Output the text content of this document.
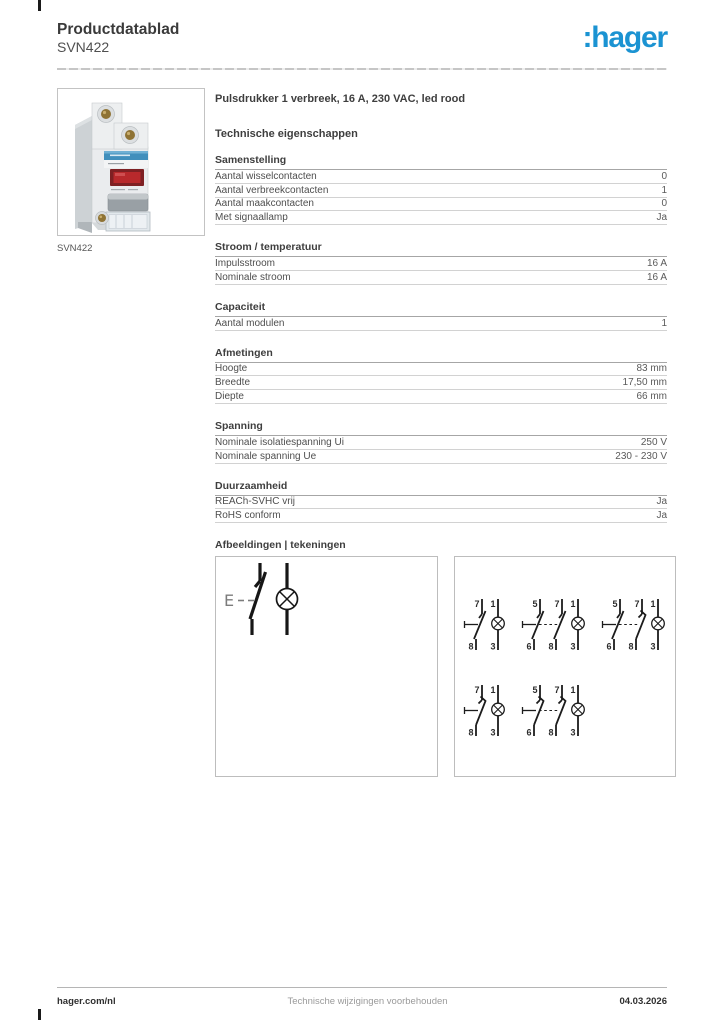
Productdatablad
SVN422	:hager
SVN422
Pulsdrukker 1 verbreek, 16 A, 230 VAC, led rood
Technische eigenschappen
Samenstelling
Aantal wisselcontacten	0
Aantal verbreekcontacten	1
Aantal maakcontacten	0
Met signaallamp	Ja
Stroom / temperatuur
Impulsstroom	16 A
Nominale stroom	16 A
Capaciteit
Aantal modulen	1
Afmetingen
Hoogte	83 mm
Breedte	17,50 mm
Diepte	66 mm
Spanning
Nominale isolatiespanning Ui	250 V
Nominale spanning Ue	230 - 230 V
Duurzaamheid
REACh-SVHC vrij	Ja
RoHS conform	Ja
Afbeeldingen | tekeningen
E	7
8
1
3
5
6
7
8
1
3
5
6
7
8
1
3
7
8
1
3
5
6
7
8
1
3
hager.com/nl	Technische wijzigingen voorbehouden	04.03.2026
